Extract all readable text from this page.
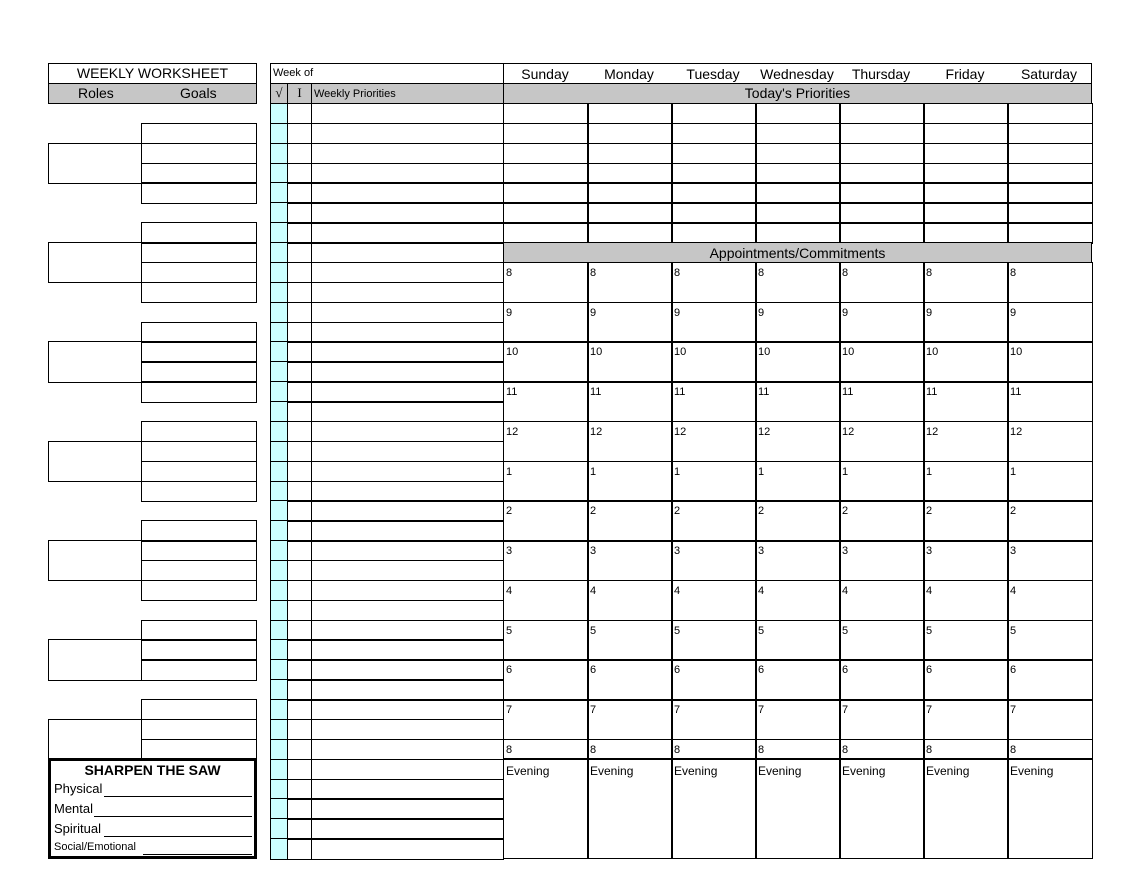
WEEKLY WORKSHEET
Roles	Goals
SHARPEN THE SAW
Physical
Mental
Spiritual
Social/Emotional
Week of
√	I	Weekly Priorities
Sunday	Monday	Tuesday	Wednesday	Thursday	Friday	Saturday
Today's Priorities
Appointments/Commitments
8	8	8	8	8	8	8
9	9	9	9	9	9	9
10	10	10	10	10	10	10
11	11	11	11	11	11	11
12	12	12	12	12	12	12
1	1	1	1	1	1	1
2	2	2	2	2	2	2
3	3	3	3	3	3	3
4	4	4	4	4	4	4
5	5	5	5	5	5	5
6	6	6	6	6	6	6
7	7	7	7	7	7	7
8	8	8	8	8	8	8
Evening	Evening	Evening	Evening	Evening	Evening	Evening
